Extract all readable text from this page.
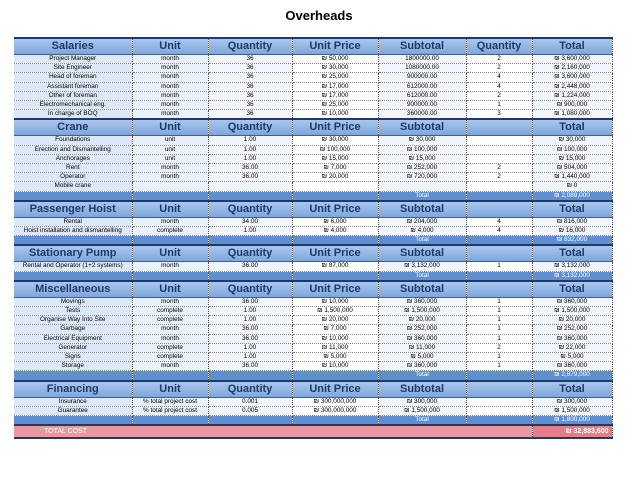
Overheads
Salaries	Unit	Quantity	Unit Price	Subtotal	Quantity	Total
Project Manager	month	36	₪ 50,000	1800000.00	2	₪ 3,600,000
Site Engineer	month	36	₪ 30,000	1080000.00	2	₪ 2,160,000
Head of foreman	month	36	₪ 25,000	900000.00	4	₪ 3,600,000
Assistant foreman	month	36	₪ 17,000	612000.00	4	₪ 2,448,000
Other of foreman	month	36	₪ 17,000	612000.00	2	₪ 1,224,000
Electromechanical eng.	month	36	₪ 25,000	900000.00	1	₪ 900,000
In charge of BOQ	month	36	₪ 10,000	360000.00	3	₪ 1,080,000
Crane	Unit	Quantity	Unit Price	Subtotal		Total
Foundations	unit	1.00	₪ 30,000	₪ 30,000		₪ 30,000
Erection and Dismantelling	unit	1.00	₪ 100,000	₪ 100,000		₪ 100,000
Anchorages	unit	1.00	₪ 15,000	₪ 15,000		₪ 15,000
Rent	month	36.00	₪ 7,000	₪ 252,000	2	₪ 504,000
Operator	month	36.00	₪ 20,000	₪ 720,000	2	₪ 1,440,000
Mobile crane						₪ 0
				Total		₪ 2,089,000
Passenger Hoist	Unit	Quantity	Unit Price	Subtotal		Total
Rental	month	34.00	₪ 6,000	₪ 204,000	4	₪ 816,000
Hoist installation and dismantelling	complete	1.00	₪ 4,000	₪ 4,000	4	₪ 16,000
				Total		₪ 832,000
Stationary Pump	Unit	Quantity	Unit Price	Subtotal		Total
Rental and Operator (1+2 systems)	month	36.00	₪ 87,000	₪ 3,132,000	1	₪ 3,132,000
				Total		₪ 3,132,000
Miscellaneous	Unit	Quantity	Unit Price	Subtotal		Total
Movings	month	36.00	₪ 10,000	₪ 360,000	1	₪ 360,000
Tests	complete	1.00	₪ 1,500,000	₪ 1,500,000	1	₪ 1,500,000
Organise Way Into Site	complete	1.00	₪ 20,000	₪ 20,000	1	₪ 20,000
Garbage	month	36.00	₪ 7,000	₪ 252,000	1	₪ 252,000
Electrical Equipment	month	36.00	₪ 10,000	₪ 360,000	1	₪ 360,000
Generator	complete	1.00	₪ 11,000	₪ 11,000	2	₪ 22,000
Signs	complete	1.00	₪ 5,000	₪ 5,000	1	₪ 5,000
Storage	month	36.00	₪ 10,000	₪ 360,000	1	₪ 360,000
				Total		₪ 2,879,000
Financing	Unit	Quantity	Unit Price	Subtotal		Total
Insurance	% total project cost	0.001	₪ 300,000,000	₪ 300,000		₪ 300,000
Guarantee	% total project cost	0.005	₪ 300,000,000	₪ 1,500,000		₪ 1,500,000
				Total		₪ 1,800,000
TOTAL COST						₪ 32,883,600
